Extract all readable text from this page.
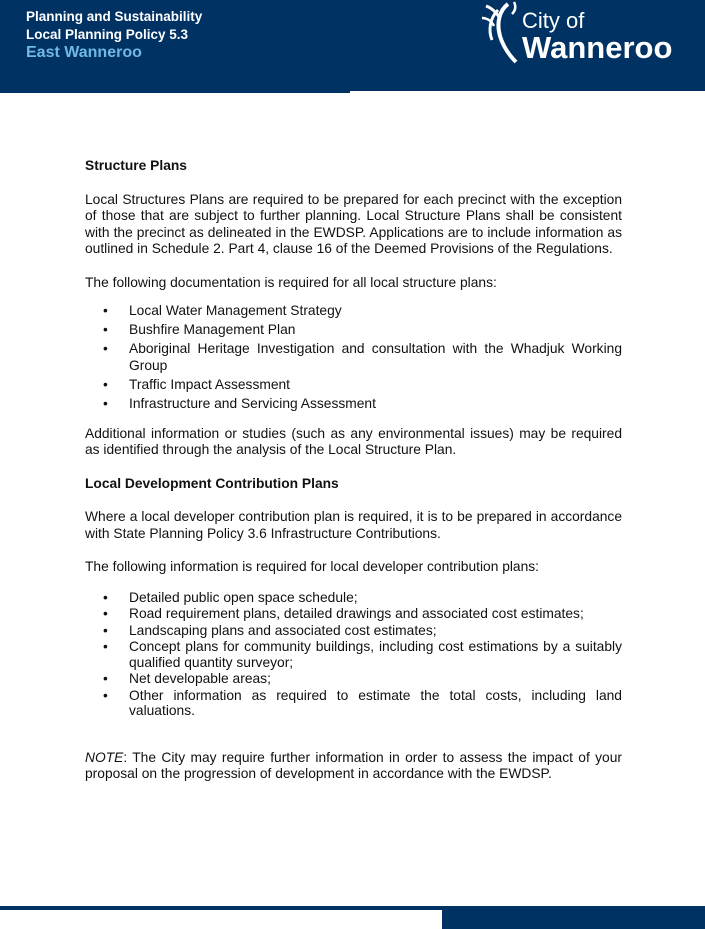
Planning and Sustainability
Local Planning Policy 5.3
East Wanneroo
City of
Wanneroo

Structure Plans

Local Structures Plans are required to be prepared for each precinct with the exception of those that are subject to further planning. Local Structure Plans shall be consistent with the precinct as delineated in the EWDSP. Applications are to include information as outlined in Schedule 2. Part 4, clause 16 of the Deemed Provisions of the Regulations.

The following documentation is required for all local structure plans:

• Local Water Management Strategy
• Bushfire Management Plan
• Aboriginal Heritage Investigation and consultation with the Whadjuk Working Group
• Traffic Impact Assessment
• Infrastructure and Servicing Assessment

Additional information or studies (such as any environmental issues) may be required as identified through the analysis of the Local Structure Plan.

Local Development Contribution Plans

Where a local developer contribution plan is required, it is to be prepared in accordance with State Planning Policy 3.6 Infrastructure Contributions.

The following information is required for local developer contribution plans:

• Detailed public open space schedule;
• Road requirement plans, detailed drawings and associated cost estimates;
• Landscaping plans and associated cost estimates;
• Concept plans for community buildings, including cost estimations by a suitably qualified quantity surveyor;
• Net developable areas;
• Other information as required to estimate the total costs, including land valuations.

NOTE: The City may require further information in order to assess the impact of your proposal on the progression of development in accordance with the EWDSP.
